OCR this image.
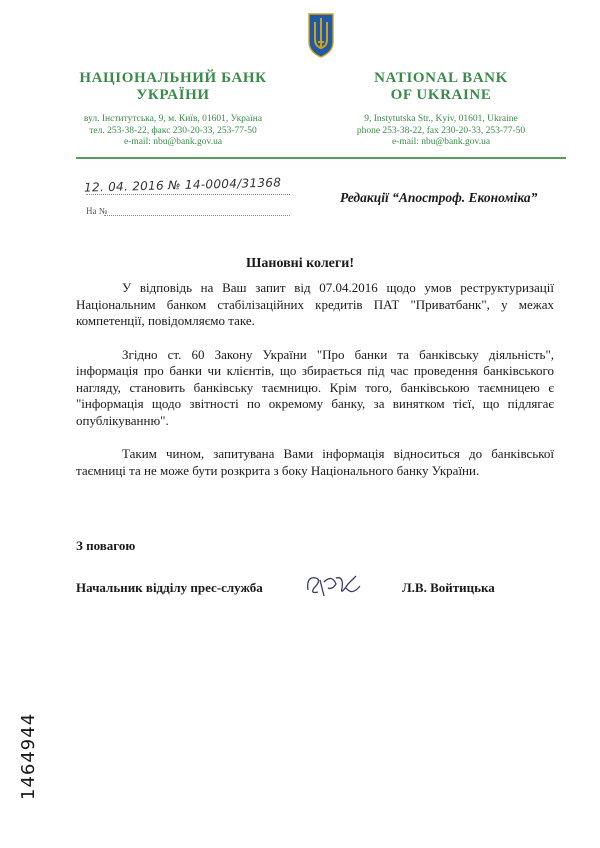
НАЦІОНАЛЬНИЙ БАНК
УКРАЇНИ
вул. Інститутська, 9, м. Київ, 01601, Україна
тел. 253-38-22, факс 230-20-33, 253-77-50
e-mail: nbu@bank.gov.ua
NATIONAL BANK
OF UKRAINE
9, Instytutska Str., Kyiv, 01601, Ukraine
phone 253-38-22, fax 230-20-33, 253-77-50
e-mail: nbu@bank.gov.ua
12. 04. 2016 № 14-0004/31368
На №
Редакції “Апостроф. Економіка”
Шановні колеги!

У відповідь на Ваш запит від 07.04.2016 щодо умов реструктуризації Національним банком стабілізаційних кредитів ПАТ "Приватбанк", у межах компетенції, повідомляємо таке.

Згідно ст. 60 Закону України "Про банки та банківську діяльність", інформація про банки чи клієнтів, що збирається під час проведення банківського нагляду, становить банківську таємницю. Крім того, банківською таємницею є "інформація щодо звітності по окремому банку, за винятком тієї, що підлягає опублікуванню".

Таким чином, запитувана Вами інформація відноситься до банківської таємниці та не може бути розкрита з боку Національного банку України.

З повагою
Начальник відділу прес-служба	Л.В. Войтицька
1464944
